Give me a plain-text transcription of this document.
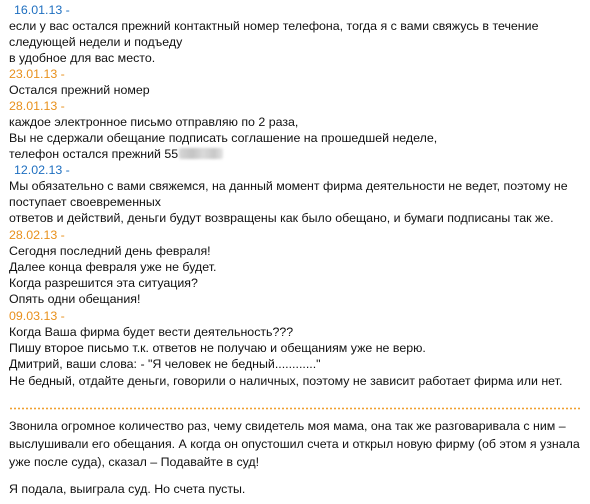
16.01.13 -
если у вас остался прежний контактный номер телефона, тогда я с вами свяжусь в течение
следующей недели и подъеду
в удобное для вас место.
23.01.13 -
Остался прежний номер
28.01.13 -
каждое электронное письмо отправляю по 2 раза,
Вы не сдержали обещание подписать соглашение на прошедшей неделе,
телефон остался прежний 55
12.02.13 -
Мы обязательно с вами свяжемся, на данный момент фирма деятельности не ведет, поэтому не
поступает своевременных
ответов и действий, деньги будут возвращены как было обещано, и бумаги подписаны так же.
28.02.13 -
Сегодня последний день февраля!
Далее конца февраля уже не будет.
Когда разрешится эта ситуация?
Опять одни обещания!
09.03.13 -
Когда Ваша фирма будет вести деятельность???
Пишу второе письмо т.к. ответов не получаю и обещаниям уже не верю.
Дмитрий, ваши слова: - "Я человек не бедный............"
Не бедный, отдайте деньги, говорили о наличных, поэтому не зависит работает фирма или нет.
Звонила огромное количество раз, чему свидетель моя мама, она так же разговаривала с ним – выслушивали его обещания. А когда он опустошил счета и открыл новую фирму (об этом я узнала уже после суда), сказал – Подавайте в суд!
Я подала, выиграла суд. Но счета пусты.
